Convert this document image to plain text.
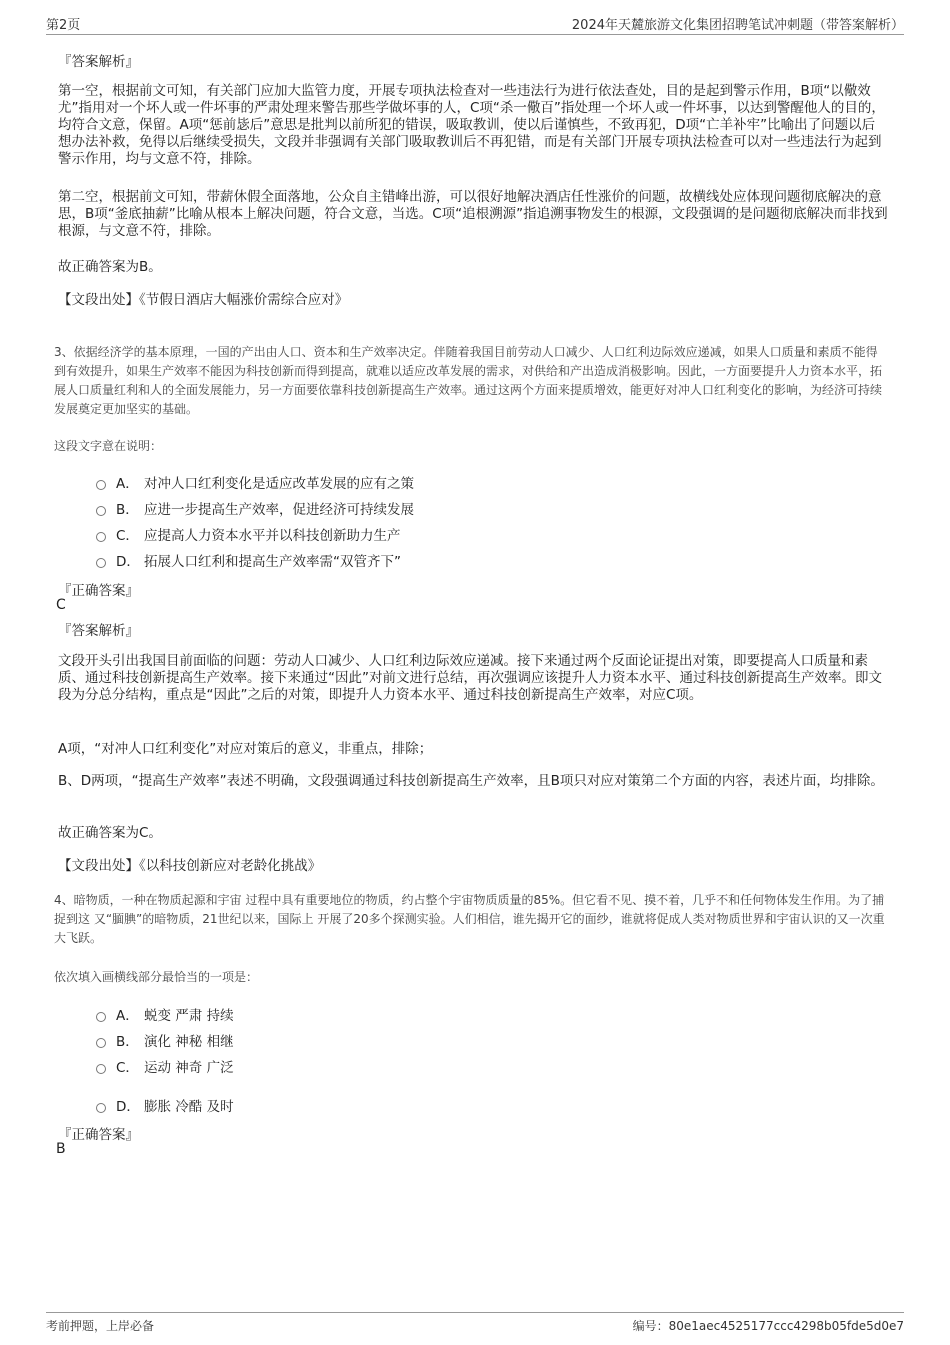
第2页	2024年天麓旅游文化集团招聘笔试冲刺题（带答案解析）

『答案解析』

第一空，根据前文可知，有关部门应加大监管力度，开展专项执法检查对一些违法行为进行依法查处，目的是起到警示作用，B项“以儆效尤”指用对一个坏人或一件坏事的严肃处理来警告那些学做坏事的人，C项“杀一儆百”指处理一个坏人或一件坏事，以达到警醒他人的目的，均符合文意，保留。A项“惩前毖后”意思是批判以前所犯的错误，吸取教训，使以后谨慎些，不致再犯，D项“亡羊补牢”比喻出了问题以后想办法补救，免得以后继续受损失，文段并非强调有关部门吸取教训后不再犯错，而是有关部门开展专项执法检查可以对一些违法行为起到警示作用，均与文意不符，排除。

第二空，根据前文可知，带薪休假全面落地，公众自主错峰出游，可以很好地解决酒店任性涨价的问题，故横线处应体现问题彻底解决的意思，B项“釜底抽薪”比喻从根本上解决问题，符合文意，当选。C项“追根溯源”指追溯事物发生的根源，文段强调的是问题彻底解决而非找到根源，与文意不符，排除。

故正确答案为B。

【文段出处】《节假日酒店大幅涨价需综合应对》

3、依据经济学的基本原理，一国的产出由人口、资本和生产效率决定。伴随着我国目前劳动人口减少、人口红利边际效应递减，如果人口质量和素质不能得到有效提升，如果生产效率不能因为科技创新而得到提高，就难以适应改革发展的需求，对供给和产出造成消极影响。因此，一方面要提升人力资本水平，拓展人口质量红利和人的全面发展能力，另一方面要依靠科技创新提高生产效率。通过这两个方面来提质增效，能更好对冲人口红利变化的影响，为经济可持续发展奠定更加坚实的基础。

这段文字意在说明：

A． 对冲人口红利变化是适应改革发展的应有之策
B． 应进一步提高生产效率，促进经济可持续发展
C． 应提高人力资本水平并以科技创新助力生产
D． 拓展人口红利和提高生产效率需“双管齐下”

『正确答案』

C

『答案解析』

文段开头引出我国目前面临的问题：劳动人口减少、人口红利边际效应递减。接下来通过两个反面论证提出对策，即要提高人口质量和素质、通过科技创新提高生产效率。接下来通过“因此”对前文进行总结，再次强调应该提升人力资本水平、通过科技创新提高生产效率。即文段为分总分结构，重点是“因此”之后的对策，即提升人力资本水平、通过科技创新提高生产效率，对应C项。

A项，“对冲人口红利变化”对应对策后的意义，非重点，排除；

B、D两项，“提高生产效率”表述不明确，文段强调通过科技创新提高生产效率，且B项只对应对策第二个方面的内容，表述片面，均排除。

故正确答案为C。

【文段出处】《以科技创新应对老龄化挑战》

4、暗物质，一种在物质起源和宇宙 过程中具有重要地位的物质，约占整个宇宙物质质量的85%。但它看不见、摸不着，几乎不和任何物体发生作用。为了捕捉到这 又“腼腆”的暗物质，21世纪以来，国际上 开展了20多个探测实验。人们相信，谁先揭开它的面纱，谁就将促成人类对物质世界和宇宙认识的又一次重大飞跃。

依次填入画横线部分最恰当的一项是：

A． 蜕变 严肃 持续
B． 演化 神秘 相继
C． 运动 神奇 广泛
D． 膨胀 冷酷 及时

『正确答案』

B

考前押题，上岸必备	编号：80e1aec4525177ccc4298b05fde5d0e7
